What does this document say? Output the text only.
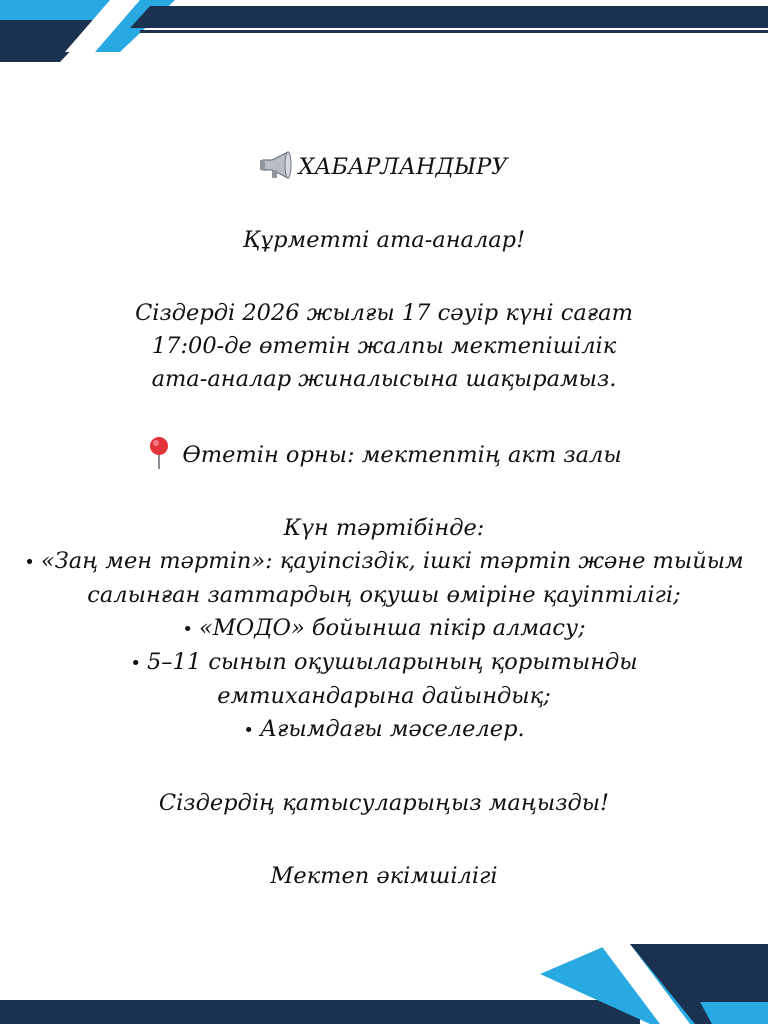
ХАБАРЛАНДЫРУ
Құрметті ата-аналар!
Сіздерді 2026 жылғы 17 сәуір күні сағат
17:00-де өтетін жалпы мектепішілік
ата-аналар жиналысына шақырамыз.
Өтетін орны: мектептің акт залы
Күн тәртібінде:
• «Заң мен тәртіп»: қауіпсіздік, ішкі тәртіп және тыйым
салынған заттардың оқушы өміріне қауіптілігі;
• «МОДО» бойынша пікір алмасу;
• 5–11 сынып оқушыларының қорытынды
емтихандарына дайындық;
• Ағымдағы мәселелер.
Сіздердің қатысуларыңыз маңызды!
Мектеп әкімшілігі
